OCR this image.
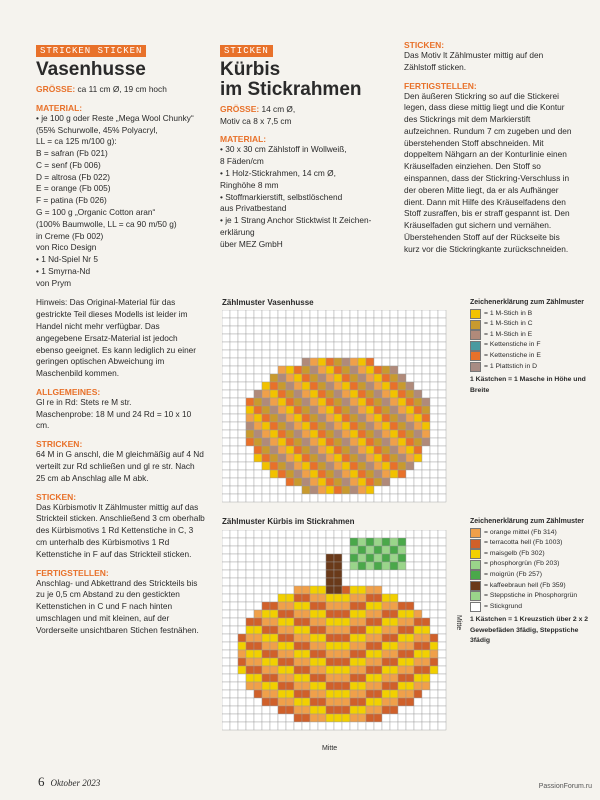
STRICKEN STICKEN
Vasenhusse
GRÖSSE: ca 11 cm Ø, 19 cm hoch
MATERIAL:
• je 100 g oder Reste „Mega Wool Chunky“
(55% Schurwolle, 45% Polyacryl,
LL = ca 125 m/100 g):
B = safran (Fb 021)
C = senf (Fb 006)
D = altrosa (Fb 022)
E = orange (Fb 005)
F = patina (Fb 026)
G = 100 g „Organic Cotton aran“
(100% Baumwolle, LL = ca 90 m/50 g)
in Creme (Fb 002)
von Rico Design
• 1 Nd-Spiel Nr 5
• 1 Smyrna-Nd
von Prym
Hinweis: Das Original-Material für das gestrickte Teil dieses Modells ist leider im Handel nicht mehr verfügbar. Das angegebene Ersatz-Material ist jedoch ebenso geeignet. Es kann lediglich zu einer geringen optischen Abweichung im Maschenbild kommen.
ALLGEMEINES:
Gl re in Rd: Stets re M str.
Maschenprobe: 18 M und 24 Rd = 10 x 10 cm.
STRICKEN:
64 M in G anschl, die M gleichmäßig auf 4 Nd verteilt zur Rd schließen und gl re str. Nach 25 cm ab Anschlag alle M abk.
STICKEN:
Das Kürbismotiv lt Zählmuster mittig auf das Strickteil sticken. Anschließend 3 cm oberhalb des Kürbismotivs 1 Rd Kettenstiche in C, 3 cm unterhalb des Kürbismotivs 1 Rd Kettenstiche in F auf das Strickteil sticken.
FERTIGSTELLEN:
Anschlag- und Abkettrand des Strickteils bis zu je 0,5 cm Abstand zu den gestickten Kettenstichen in C und F nach hinten umschlagen und mit kleinen, auf der Vorderseite unsichtbaren Stichen festnähen.
STICKEN
Kürbis
im Stickrahmen
GRÖSSE: 14 cm Ø,
Motiv ca 8 x 7,5 cm
MATERIAL:
• 30 x 30 cm Zählstoff in Wollweiß,
8 Fäden/cm
• 1 Holz-Stickrahmen, 14 cm Ø,
Ringhöhe 8 mm
• Stoffmarkierstift, selbstlöschend
aus Privatbestand
• je 1 Strang Anchor Sticktwist lt Zeichen-
erklärung
über MEZ GmbH
STICKEN:
Das Motiv lt Zählmuster mittig auf den Zählstoff sticken.
FERTIGSTELLEN:
Den äußeren Stickring so auf die Stickerei legen, dass diese mittig liegt und die Kontur des Stickrings mit dem Markierstift aufzeichnen. Rundum 7 cm zugeben und den überstehenden Stoff abschneiden. Mit doppeltem Nähgarn an der Konturlinie einen Kräuselfaden einziehen. Den Stoff so einspannen, dass der Stickring-Verschluss in der oberen Mitte liegt, da er als Aufhänger dient. Dann mit Hilfe des Kräuselfadens den Stoff zusraffen, bis er straff gespannt ist. Den Kräuselfaden gut sichern und vernähen. Überstehenden Stoff auf der Rückseite bis kurz vor die Stickringkante zurückschneiden.
Zählmuster Vasenhusse	Zeichenerklärung zum Zählmuster
= 1 M-Stich in B
= 1 M-Stich in C
= 1 M-Stich in E
= Kettenstiche in F
= Kettenstiche in E
= 1 Plattstich in D
1 Kästchen = 1 Masche in Höhe und Breite
Zählmuster Kürbis im Stickrahmen
Mitte
Mitte
Zeichenerklärung zum Zählmuster
= orange mittel (Fb 314)
= terracotta hell (Fb 1003)
= maisgelb (Fb 302)
= phosphorgrün (Fb 203)
= moigrün (Fb 257)
= kaffeebraun hell (Fb 359)
= Steppstiche in Phosphorgrün
= Stickgrund
1 Kästchen = 1 Kreuzstich über 2 x 2 Gewebefäden 3fädig, Steppstiche 3fädig
6 Oktober 2023	PassionForum.ru
